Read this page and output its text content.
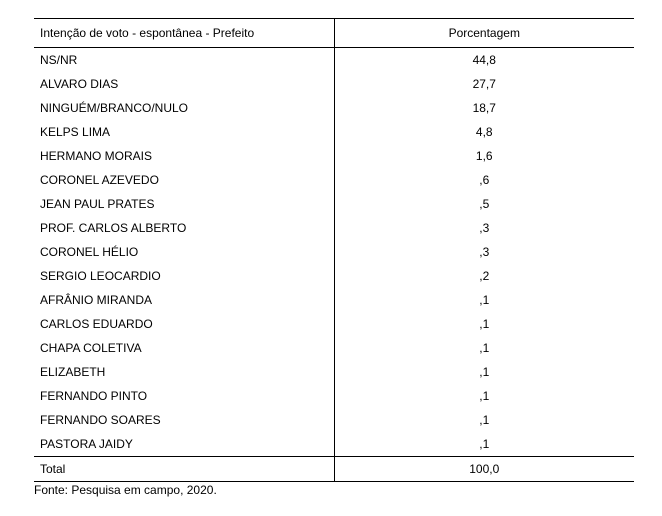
Intenção de voto - espontânea - Prefeito	Porcentagem
NS/NR	44,8
ALVARO DIAS	27,7
NINGUÉM/BRANCO/NULO	18,7
KELPS LIMA	4,8
HERMANO MORAIS	1,6
CORONEL AZEVEDO	,6
JEAN PAUL PRATES	,5
PROF. CARLOS ALBERTO	,3
CORONEL HÉLIO	,3
SERGIO LEOCARDIO	,2
AFRÂNIO MIRANDA	,1
CARLOS EDUARDO	,1
CHAPA COLETIVA	,1
ELIZABETH	,1
FERNANDO PINTO	,1
FERNANDO SOARES	,1
PASTORA JAIDY	,1
Total	100,0
Fonte: Pesquisa em campo, 2020.
